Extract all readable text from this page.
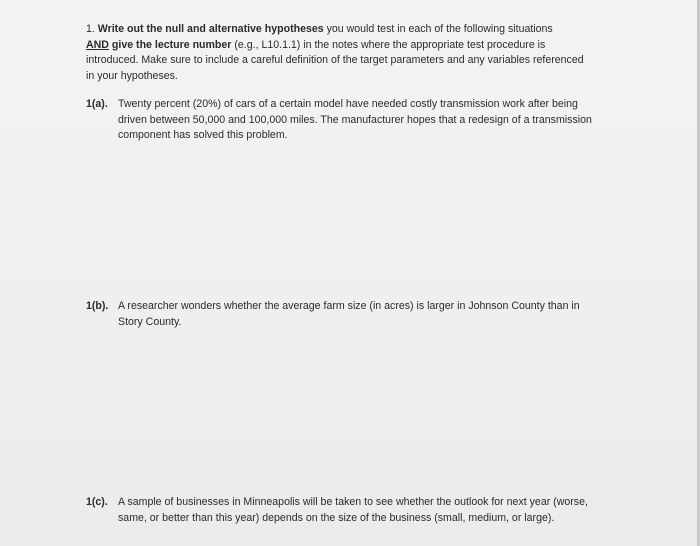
1. Write out the null and alternative hypotheses you would test in each of the following situations
AND give the lecture number (e.g., L10.1.1) in the notes where the appropriate test procedure is
introduced. Make sure to include a careful definition of the target parameters and any variables referenced
in your hypotheses.
1(a). Twenty percent (20%) of cars of a certain model have needed costly transmission work after being
driven between 50,000 and 100,000 miles. The manufacturer hopes that a redesign of a transmission
component has solved this problem.
1(b). A researcher wonders whether the average farm size (in acres) is larger in Johnson County than in
Story County.
1(c). A sample of businesses in Minneapolis will be taken to see whether the outlook for next year (worse,
same, or better than this year) depends on the size of the business (small, medium, or large).
